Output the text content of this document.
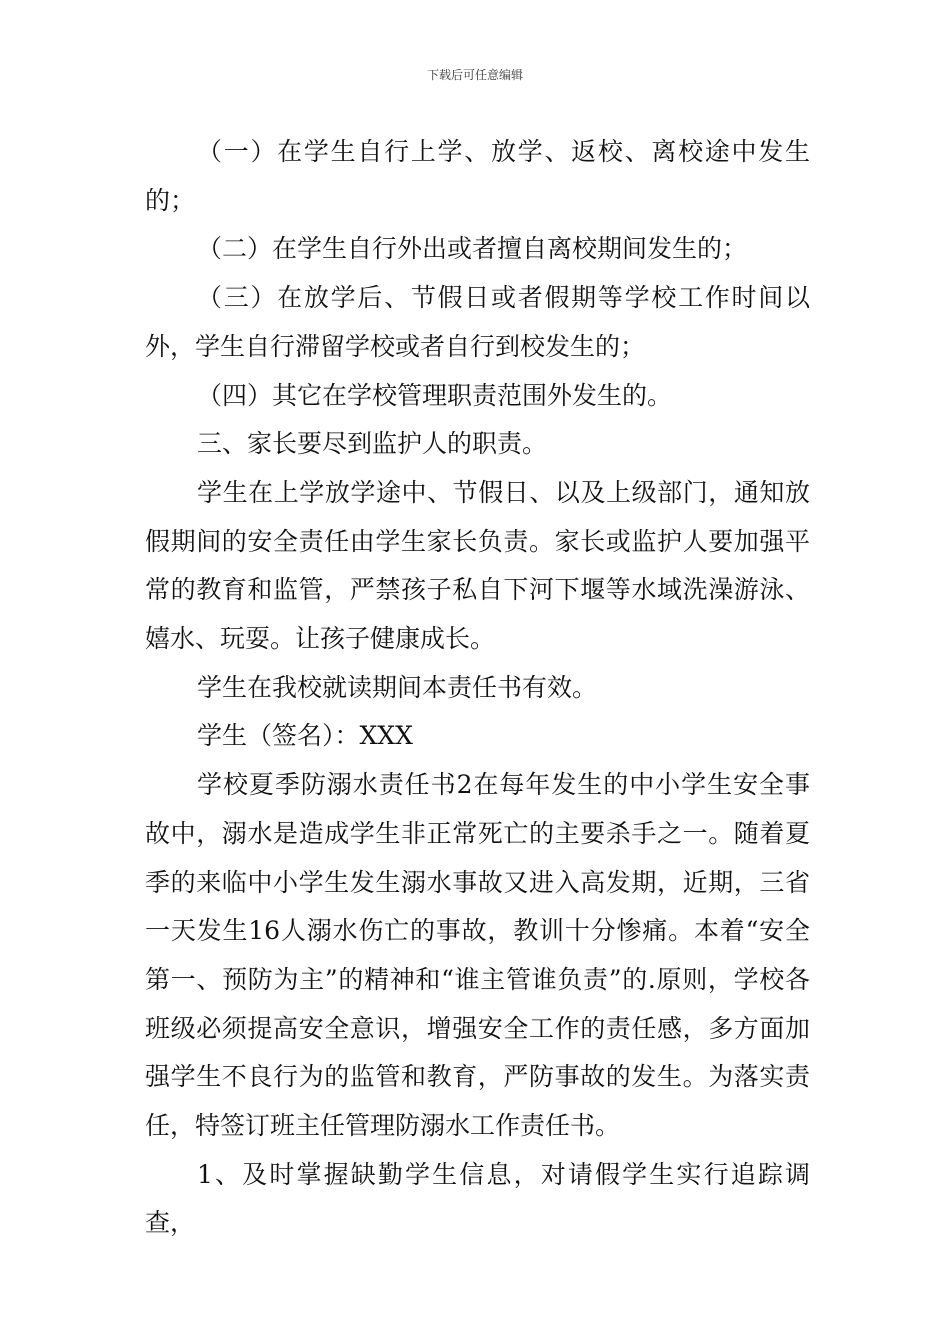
下载后可任意编辑

（一）在学生自行上学、放学、返校、离校途中发生的；

（二）在学生自行外出或者擅自离校期间发生的；

（三）在放学后、节假日或者假期等学校工作时间以外，学生自行滞留学校或者自行到校发生的；

（四）其它在学校管理职责范围外发生的。

三、家长要尽到监护人的职责。

学生在上学放学途中、节假日、以及上级部门，通知放假期间的安全责任由学生家长负责。家长或监护人要加强平常的教育和监管，严禁孩子私自下河下堰等水域洗澡游泳、嬉水、玩耍。让孩子健康成长。

学生在我校就读期间本责任书有效。

学生（签名）：XXX

学校夏季防溺水责任书2在每年发生的中小学生安全事故中，溺水是造成学生非正常死亡的主要杀手之一。随着夏季的来临中小学生发生溺水事故又进入高发期，近期，三省一天发生16人溺水伤亡的事故，教训十分惨痛。本着“安全第一、预防为主”的精神和“谁主管谁负责”的.原则，学校各班级必须提高安全意识，增强安全工作的责任感，多方面加强学生不良行为的监管和教育，严防事故的发生。为落实责任，特签订班主任管理防溺水工作责任书。

1、及时掌握缺勤学生信息，对请假学生实行追踪调查，
